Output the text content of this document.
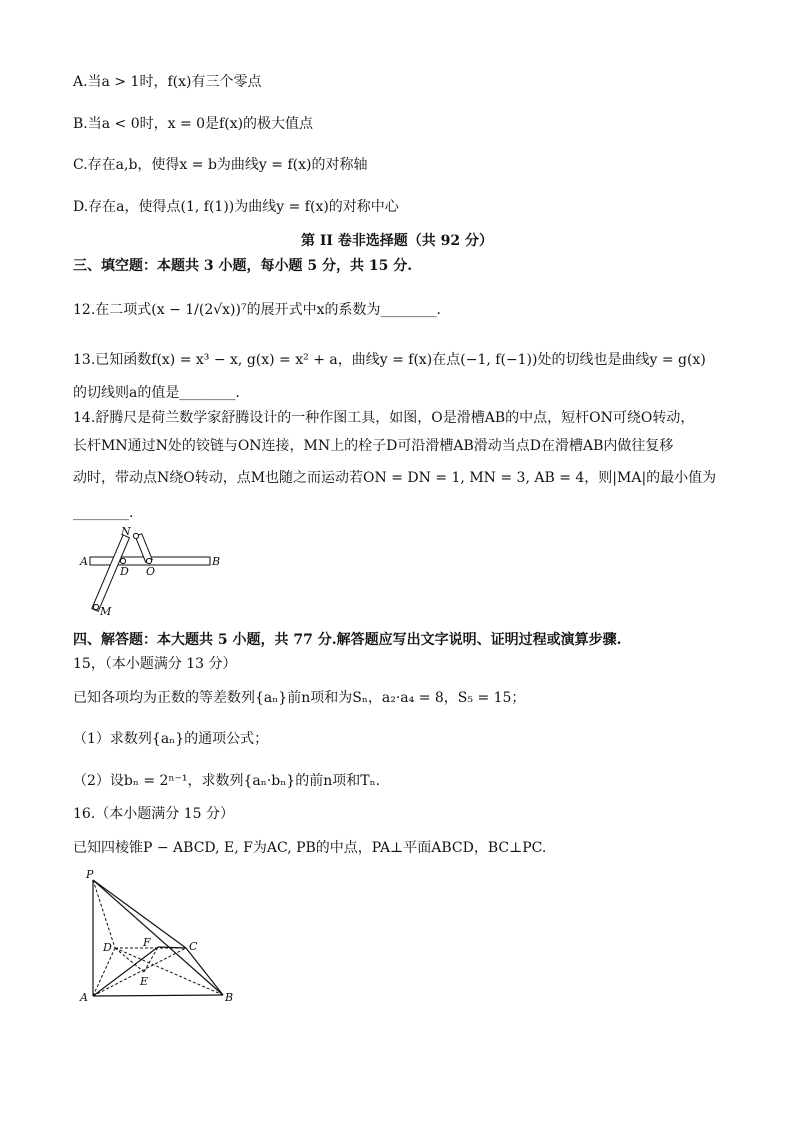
A.当a > 1时，f(x)有三个零点
B.当a < 0时，x = 0是f(x)的极大值点
C.存在a,b，使得x = b为曲线y = f(x)的对称轴
D.存在a，使得点(1, f(1))为曲线y = f(x)的对称中心
第 II 卷非选择题（共 92 分）
三、填空题：本题共 3 小题，每小题 5 分，共 15 分.
12.在二项式(x − 1/(2√x))⁷的展开式中x的系数为________.
13.已知函数f(x) = x³ − x, g(x) = x² + a，曲线y = f(x)在点(−1, f(−1))处的切线也是曲线y = g(x)
的切线则a的值是________.
14.舒腾尺是荷兰数学家舒腾设计的一种作图工具，如图，O是滑槽AB的中点，短杆ON可绕O转动，
长杆MN通过N处的铰链与ON连接，MN上的栓子D可沿滑槽AB滑动当点D在滑槽AB内做往复移
动时，带动点N绕O转动，点M也随之而运动若ON = DN = 1, MN = 3, AB = 4，则|MA|的最小值为
________.
A	B
D O
N
M
四、解答题：本大题共 5 小题，共 77 分.解答题应写出文字说明、证明过程或演算步骤.
15，（本小题满分 13 分）
已知各项均为正数的等差数列{aₙ}前n项和为Sₙ，a₂·a₄ = 8，S₅ = 15；
（1）求数列{aₙ}的通项公式；
（2）设bₙ = 2ⁿ⁻¹，求数列{aₙ·bₙ}的前n项和Tₙ.
16.（本小题满分 15 分）
已知四棱锥P − ABCD, E, F为AC, PB的中点，PA⊥平面ABCD，BC⊥PC.
P
A	B
C
D
E
F
